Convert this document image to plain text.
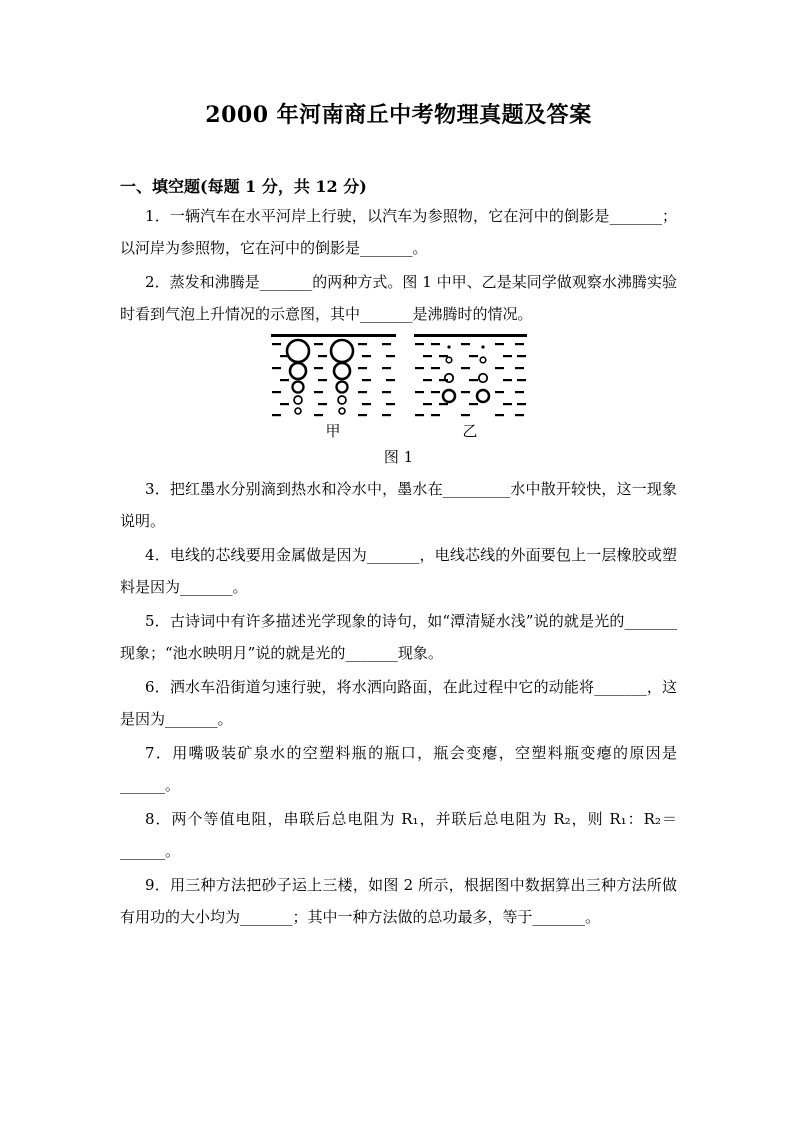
2000 年河南商丘中考物理真题及答案
一、填空题(每题 1 分，共 12 分)

1．一辆汽车在水平河岸上行驶，以汽车为参照物，它在河中的倒影是_______；以河岸为参照物，它在河中的倒影是_______。

2．蒸发和沸腾是_______的两种方式。图 1 中甲、乙是某同学做观察水沸腾实验时看到气泡上升情况的示意图，其中_______是沸腾时的情况。

甲	乙
图 1

3．把红墨水分别滴到热水和冷水中，墨水在_________水中散开较快，这一现象说明。

4．电线的芯线要用金属做是因为_______，电线芯线的外面要包上一层橡胶或塑料是因为_______。

5．古诗词中有许多描述光学现象的诗句，如“潭清疑水浅”说的就是光的_______现象；“池水映明月”说的就是光的_______现象。

6．洒水车沿街道匀速行驶，将水洒向路面，在此过程中它的动能将_______，这是因为_______。

7．用嘴吸装矿泉水的空塑料瓶的瓶口，瓶会变瘪，空塑料瓶变瘪的原因是______。

8．两个等值电阻，串联后总电阻为 R₁，并联后总电阻为 R₂，则 R₁：R₂＝______。

9．用三种方法把砂子运上三楼，如图 2 所示，根据图中数据算出三种方法所做有用功的大小均为_______；其中一种方法做的总功最多，等于_______。
